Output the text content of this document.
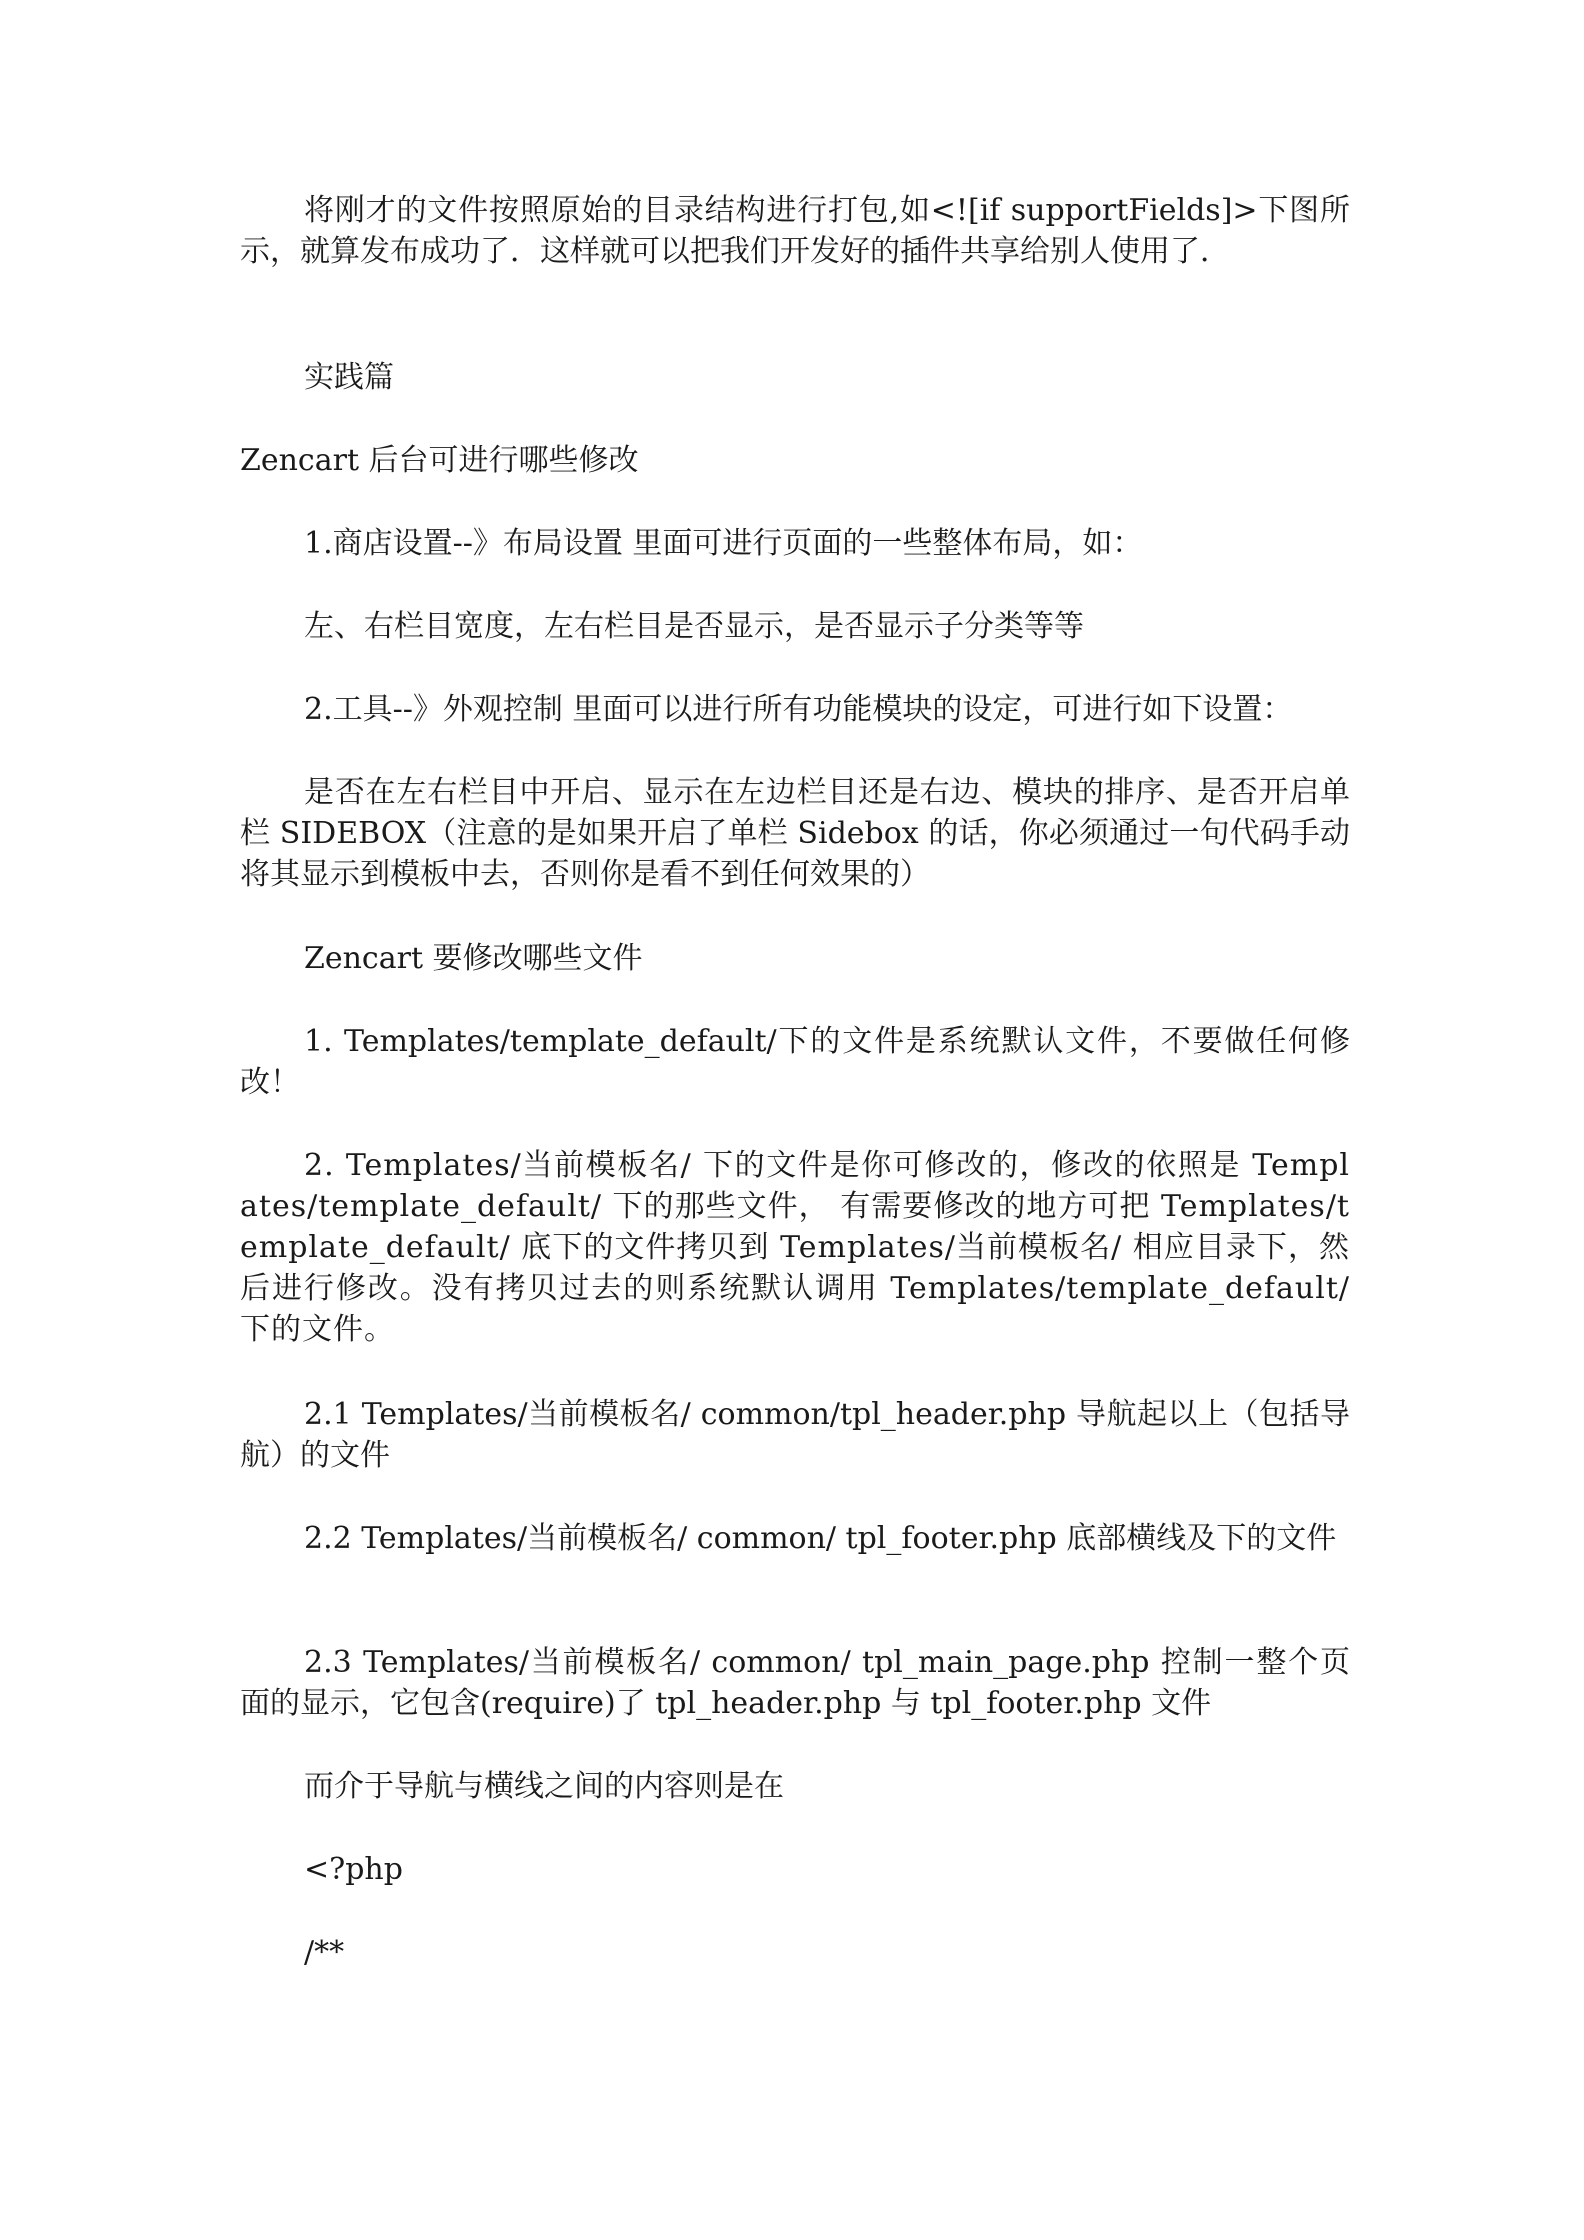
将刚才的文件按照原始的目录结构进行打包,如<![if supportFields]>下图所示，就算发布成功了．这样就可以把我们开发好的插件共享给别人使用了．

实践篇

Zencart 后台可进行哪些修改

1.商店设置--》布局设置 里面可进行页面的一些整体布局，如：

左、右栏目宽度，左右栏目是否显示，是否显示子分类等等

2.工具--》外观控制 里面可以进行所有功能模块的设定，可进行如下设置：

是否在左右栏目中开启、显示在左边栏目还是右边、模块的排序、是否开启单栏 SIDEBOX（注意的是如果开启了单栏 Sidebox 的话，你必须通过一句代码手动将其显示到模板中去，否则你是看不到任何效果的）

Zencart 要修改哪些文件

1. Templates/template_default/下的文件是系统默认文件，不要做任何修改！

2. Templates/当前模板名/ 下的文件是你可修改的，修改的依照是 Templates/template_default/ 下的那些文件， 有需要修改的地方可把 Templates/template_default/ 底下的文件拷贝到 Templates/当前模板名/ 相应目录下，然后进行修改。没有拷贝过去的则系统默认调用 Templates/template_default/ 下的文件。

2.1 Templates/当前模板名/ common/tpl_header.php 导航起以上（包括导航）的文件

2.2 Templates/当前模板名/ common/ tpl_footer.php 底部横线及下的文件

2.3 Templates/当前模板名/ common/ tpl_main_page.php 控制一整个页面的显示，它包含(require)了 tpl_header.php 与 tpl_footer.php 文件

而介于导航与横线之间的内容则是在

<?php

/**
